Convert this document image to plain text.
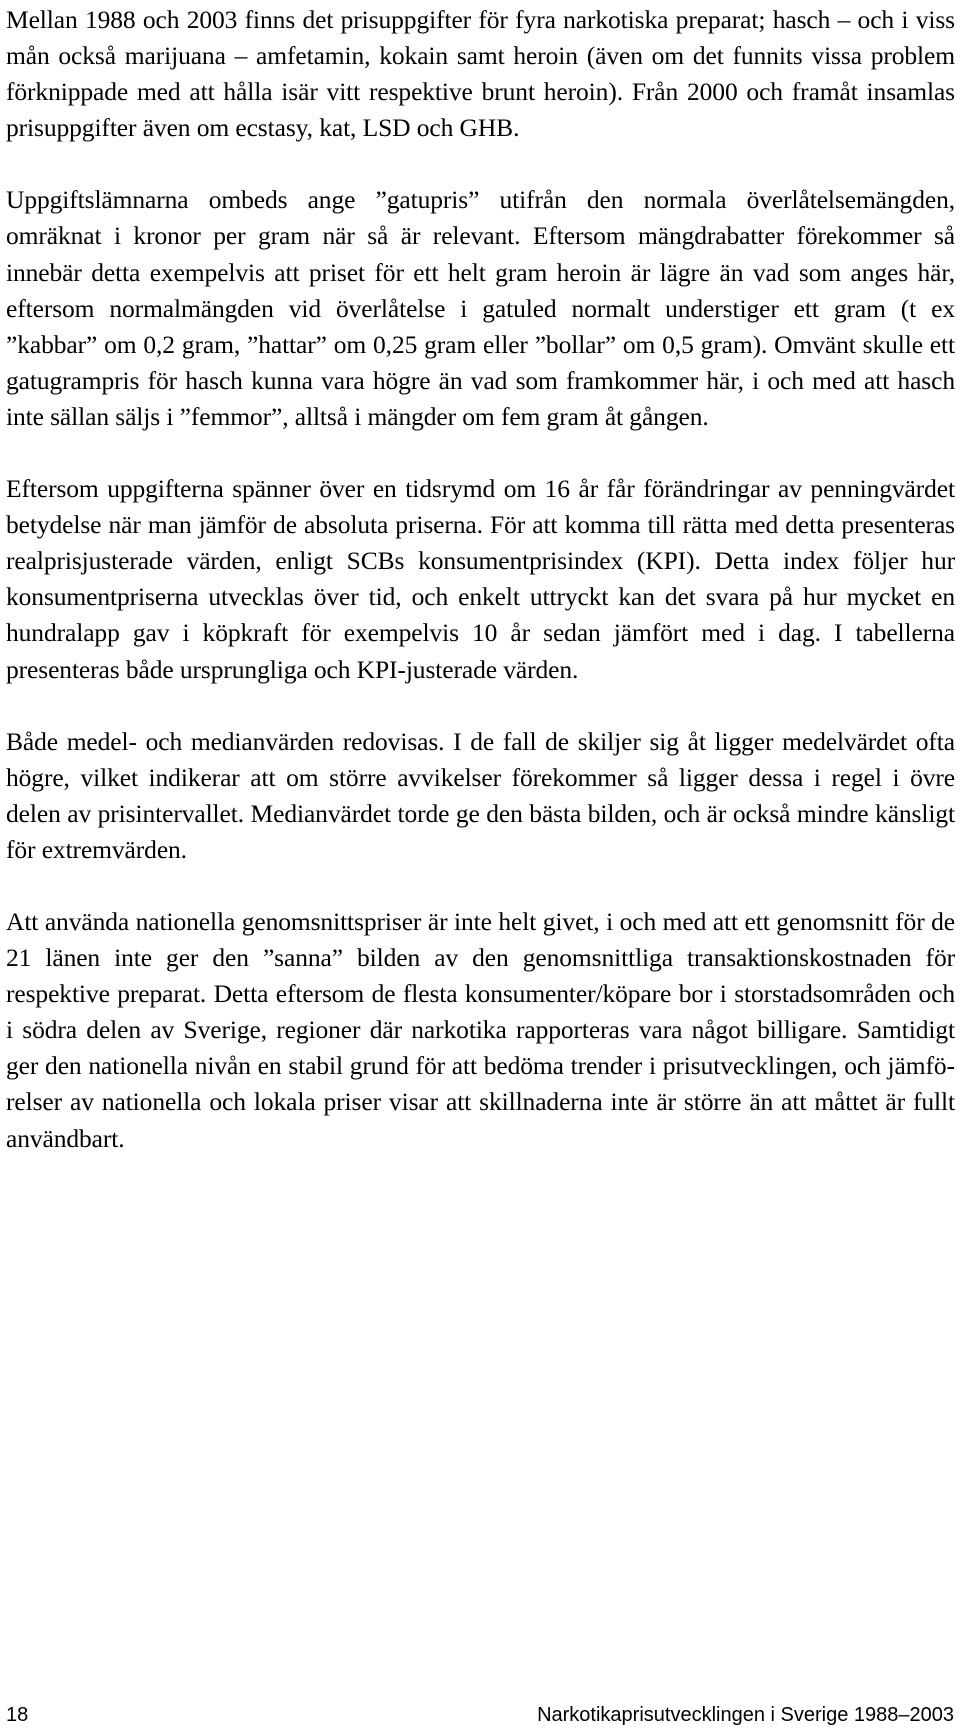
Mellan 1988 och 2003 finns det prisuppgifter för fyra narkotiska preparat; hasch – och i viss mån också marijuana – amfetamin, kokain samt heroin (även om det funnits vissa problem förknippade med att hålla isär vitt respektive brunt heroin). Från 2000 och framåt insamlas prisuppgifter även om ecstasy, kat, LSD och GHB.

Uppgiftslämnarna ombeds ange ”gatupris” utifrån den normala överlåtelsemängden, omräknat i kronor per gram när så är relevant. Eftersom mängdrabatter förekommer så innebär detta exempelvis att priset för ett helt gram heroin är lägre än vad som anges här, eftersom normalmängden vid överlåtelse i gatuled normalt understiger ett gram (t ex ”kabbar” om 0,2 gram, ”hattar” om 0,25 gram eller ”bollar” om 0,5 gram). Omvänt skulle ett gatugrampris för hasch kunna vara högre än vad som framkommer här, i och med att hasch inte sällan säljs i ”femmor”, alltså i mängder om fem gram åt gången.

Eftersom uppgifterna spänner över en tidsrymd om 16 år får förändringar av penningvärdet betydelse när man jämför de absoluta priserna. För att komma till rätta med detta presenteras realprisjusterade värden, enligt SCBs konsumentprisindex (KPI). Detta index följer hur konsumentpriserna utvecklas över tid, och enkelt uttryckt kan det svara på hur mycket en hundralapp gav i köpkraft för exempelvis 10 år sedan jämfört med i dag. I tabellerna presenteras både ursprungliga och KPI-justerade värden.

Både medel- och medianvärden redovisas. I de fall de skiljer sig åt ligger medelvärdet ofta högre, vilket indikerar att om större avvikelser förekommer så ligger dessa i regel i övre delen av prisintervallet. Medianvärdet torde ge den bästa bilden, och är också mindre känsligt för extremvärden.

Att använda nationella genomsnittspriser är inte helt givet, i och med att ett genomsnitt för de 21 länen inte ger den ”sanna” bilden av den genomsnittliga transaktionskostnaden för respektive preparat. Detta eftersom de flesta konsumenter/köpare bor i storstadsområden och i södra delen av Sverige, regioner där narkotika rapporteras vara något billigare. Samtidigt ger den nationella nivån en stabil grund för att bedöma trender i prisutvecklingen, och jämförelser av nationella och lokala priser visar att skillnaderna inte är större än att måttet är fullt användbart.

18	Narkotikaprisutvecklingen i Sverige 1988–2003
